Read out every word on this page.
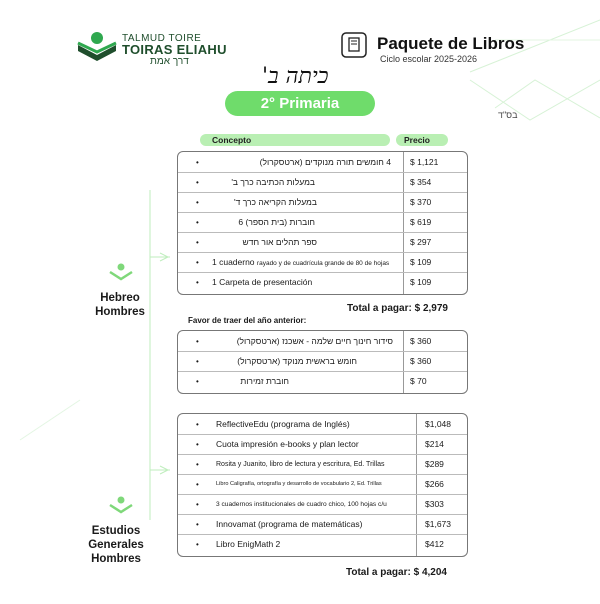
TALMUD TOIRE
TOIRAS ELIAHU
דרך אמת
Paquete de Libros
Ciclo escolar 2025-2026
כיתה ב'
2° Primaria
בס"ד
Concepto	Precio
•	4 חומשים תורה מנוקדים (ארטסקרול) $ 1,121
•	במעלות הכתיבה כרך ב'	$ 354
•	במעלות הקריאה כרך ד'	$ 370
•	חוברות (בית הספר) 6	$ 619
•	ספר תהלים אור חדש	$ 297
• 1 cuaderno rayado y de cuadrícula grande de 80 de hojas $ 109
• 1 Carpeta de presentación	$ 109
Hebreo
Hombres	Total a pagar: $ 2,979
Favor de traer del año anterior:
•	סידור חינוך חיים שלמה - אשכנז (ארטסקרול) $ 360
•	חומש בראשית מנוקד (ארטסקרול)	$ 360
•	חוברת זמירות	$ 70
• ReflectiveEdu (programa de Inglés)	$1,048
• Cuota impresión e-books y plan lector	$214
• Rosita y Juanito, libro de lectura y escritura, Ed. Trillas	$289
•	Libro Caligrafía, ortografía y desarrollo de vocabulario 2, Ed. Trillas	$266
•	3 cuadernos institucionales de cuadro chico, 100 hojas c/u	$303
• Innovamat (programa de matemáticas)	$1,673
• Libro EnigMath 2	$412
Estudios
Generales
Hombres
Total a pagar: $ 4,204
